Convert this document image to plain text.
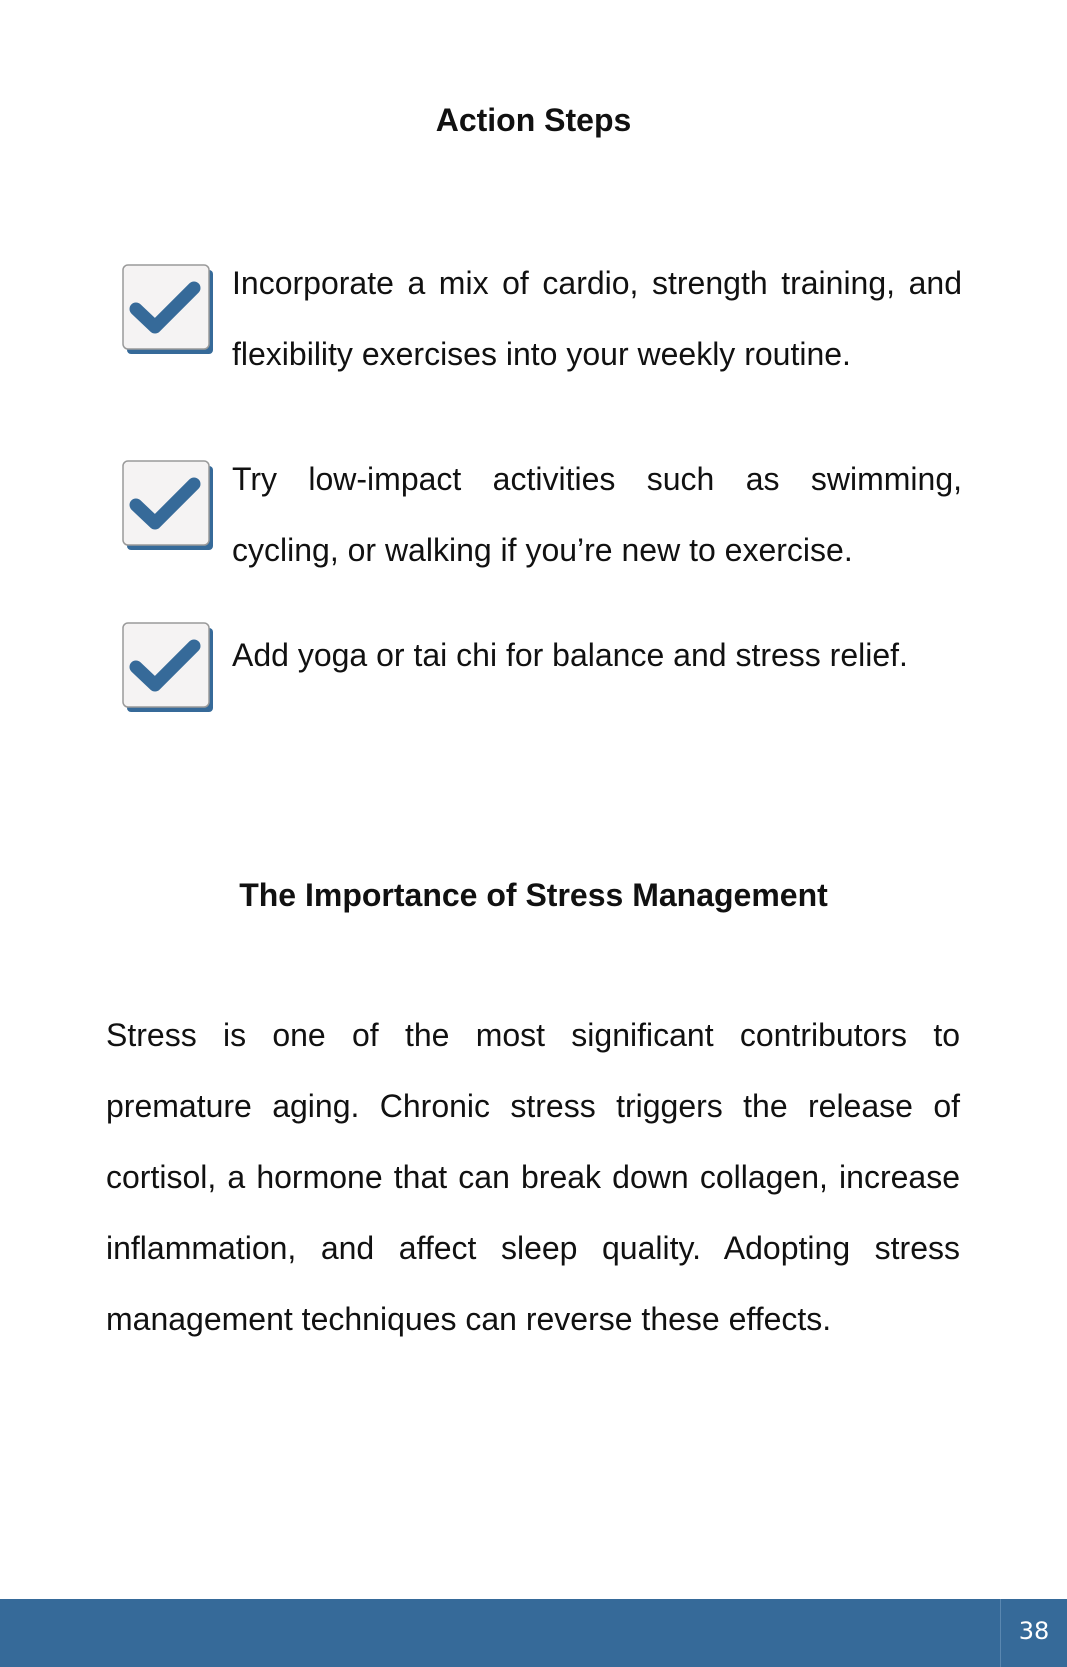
Action Steps

Incorporate a mix of cardio, strength training, and flexibility exercises into your weekly routine.

Try low-impact activities such as swimming, cycling, or walking if you’re new to exercise.

Add yoga or tai chi for balance and stress relief.

The Importance of Stress Management

Stress is one of the most significant contributors to premature aging. Chronic stress triggers the release of cortisol, a hormone that can break down collagen, increase inflammation, and affect sleep quality. Adopting stress management techniques can reverse these effects.

38
